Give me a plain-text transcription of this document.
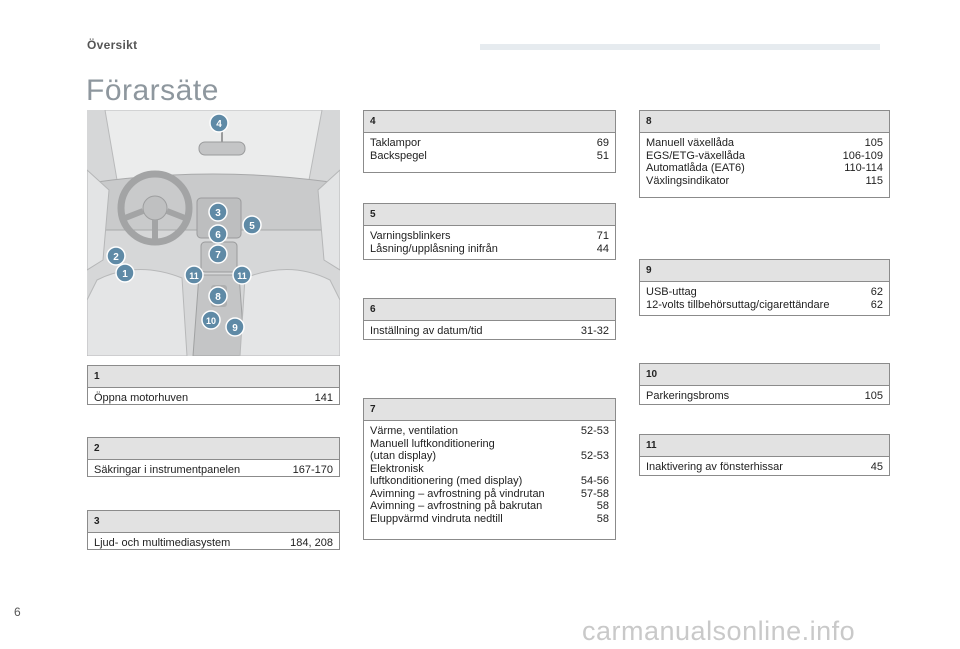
Översikt
Förarsäte
4
3
5
6
7
2
1	11	11
8
10
9
1
Öppna motorhuven	141
2
Säkringar i instrumentpanelen	167-170
3
Ljud- och multimediasystem	184, 208
4
Taklampor	69
Backspegel	51
5
Varningsblinkers	71
Låsning/upplåsning inifrån	44
6
Inställning av datum/tid	31-32
7
Värme, ventilation	52-53
Manuell luftkonditionering
(utan display)	52-53
Elektronisk
luftkonditionering (med display)	54-56
Avimning – avfrostning på vindrutan	57-58
Avimning – avfrostning på bakrutan	58
Eluppvärmd vindruta nedtill	58
8
Manuell växellåda	105
EGS/ETG-växellåda	106-109
Automatlåda (EAT6)	110-114
Växlingsindikator	115
9
USB-uttag	62
12-volts tillbehörsuttag/cigarettändare	62
10
Parkeringsbroms	105
11
Inaktivering av fönsterhissar	45
6
carmanualsonline.info
